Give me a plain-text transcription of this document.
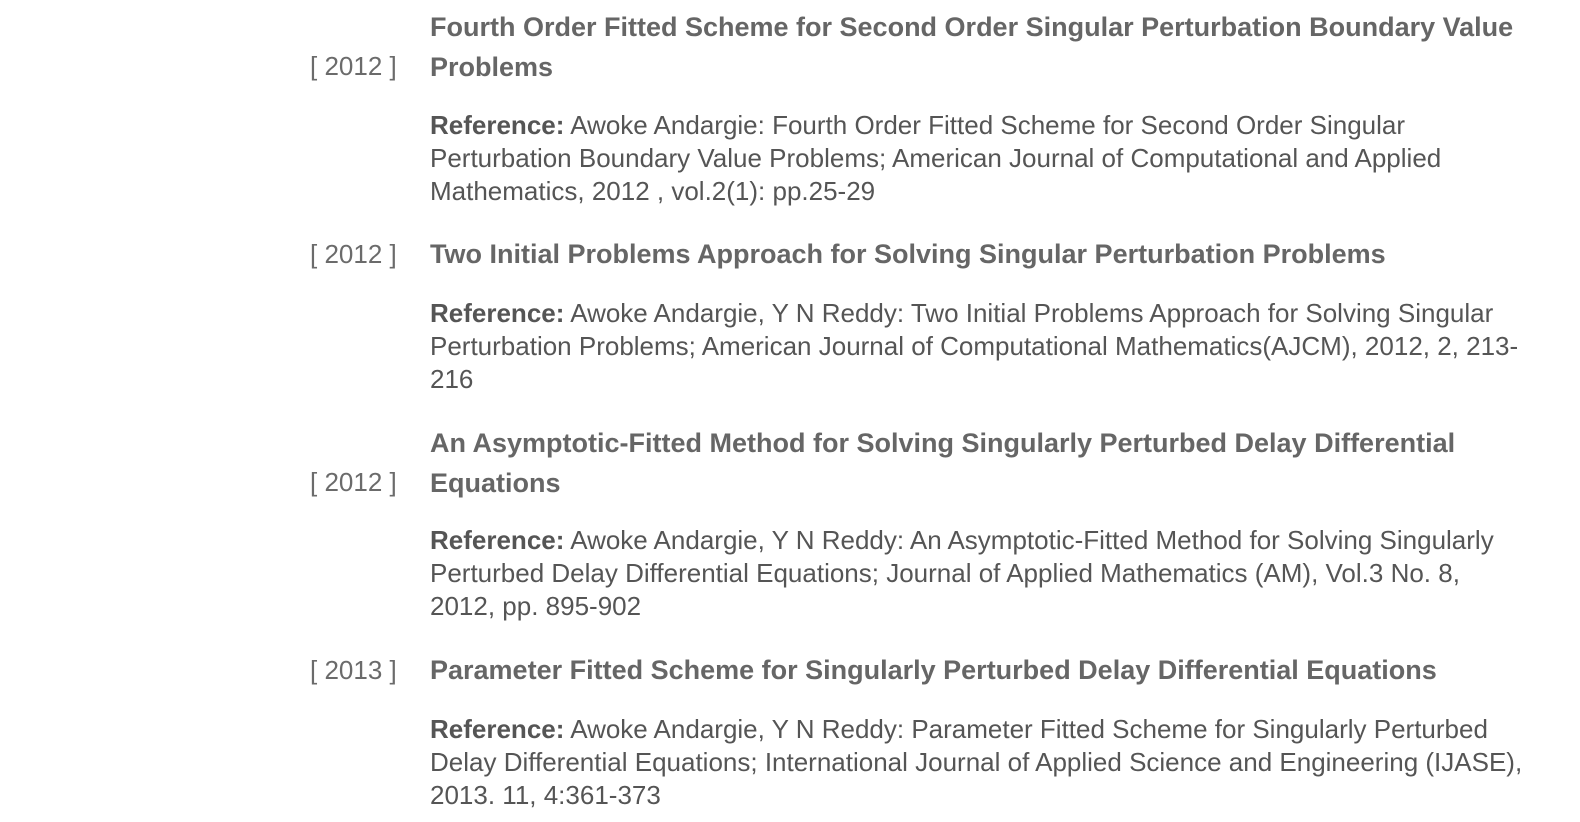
[ 2012 ]
Fourth Order Fitted Scheme for Second Order Singular Perturbation Boundary Value Problems
Reference: Awoke Andargie: Fourth Order Fitted Scheme for Second Order Singular Perturbation Boundary Value Problems; American Journal of Computational and Applied Mathematics, 2012 , vol.2(1): pp.25-29
[ 2012 ]	Two Initial Problems Approach for Solving Singular Perturbation Problems
Reference: Awoke Andargie, Y N Reddy: Two Initial Problems Approach for Solving Singular Perturbation Problems; American Journal of Computational Mathematics(AJCM), 2012, 2, 213-216
[ 2012 ]
An Asymptotic-Fitted Method for Solving Singularly Perturbed Delay Differential Equations
Reference: Awoke Andargie, Y N Reddy: An Asymptotic-Fitted Method for Solving Singularly Perturbed Delay Differential Equations; Journal of Applied Mathematics (AM), Vol.3 No. 8, 2012, pp. 895-902
[ 2013 ]	Parameter Fitted Scheme for Singularly Perturbed Delay Differential Equations
Reference: Awoke Andargie, Y N Reddy: Parameter Fitted Scheme for Singularly Perturbed Delay Differential Equations; International Journal of Applied Science and Engineering (IJASE), 2013. 11, 4:361-373
